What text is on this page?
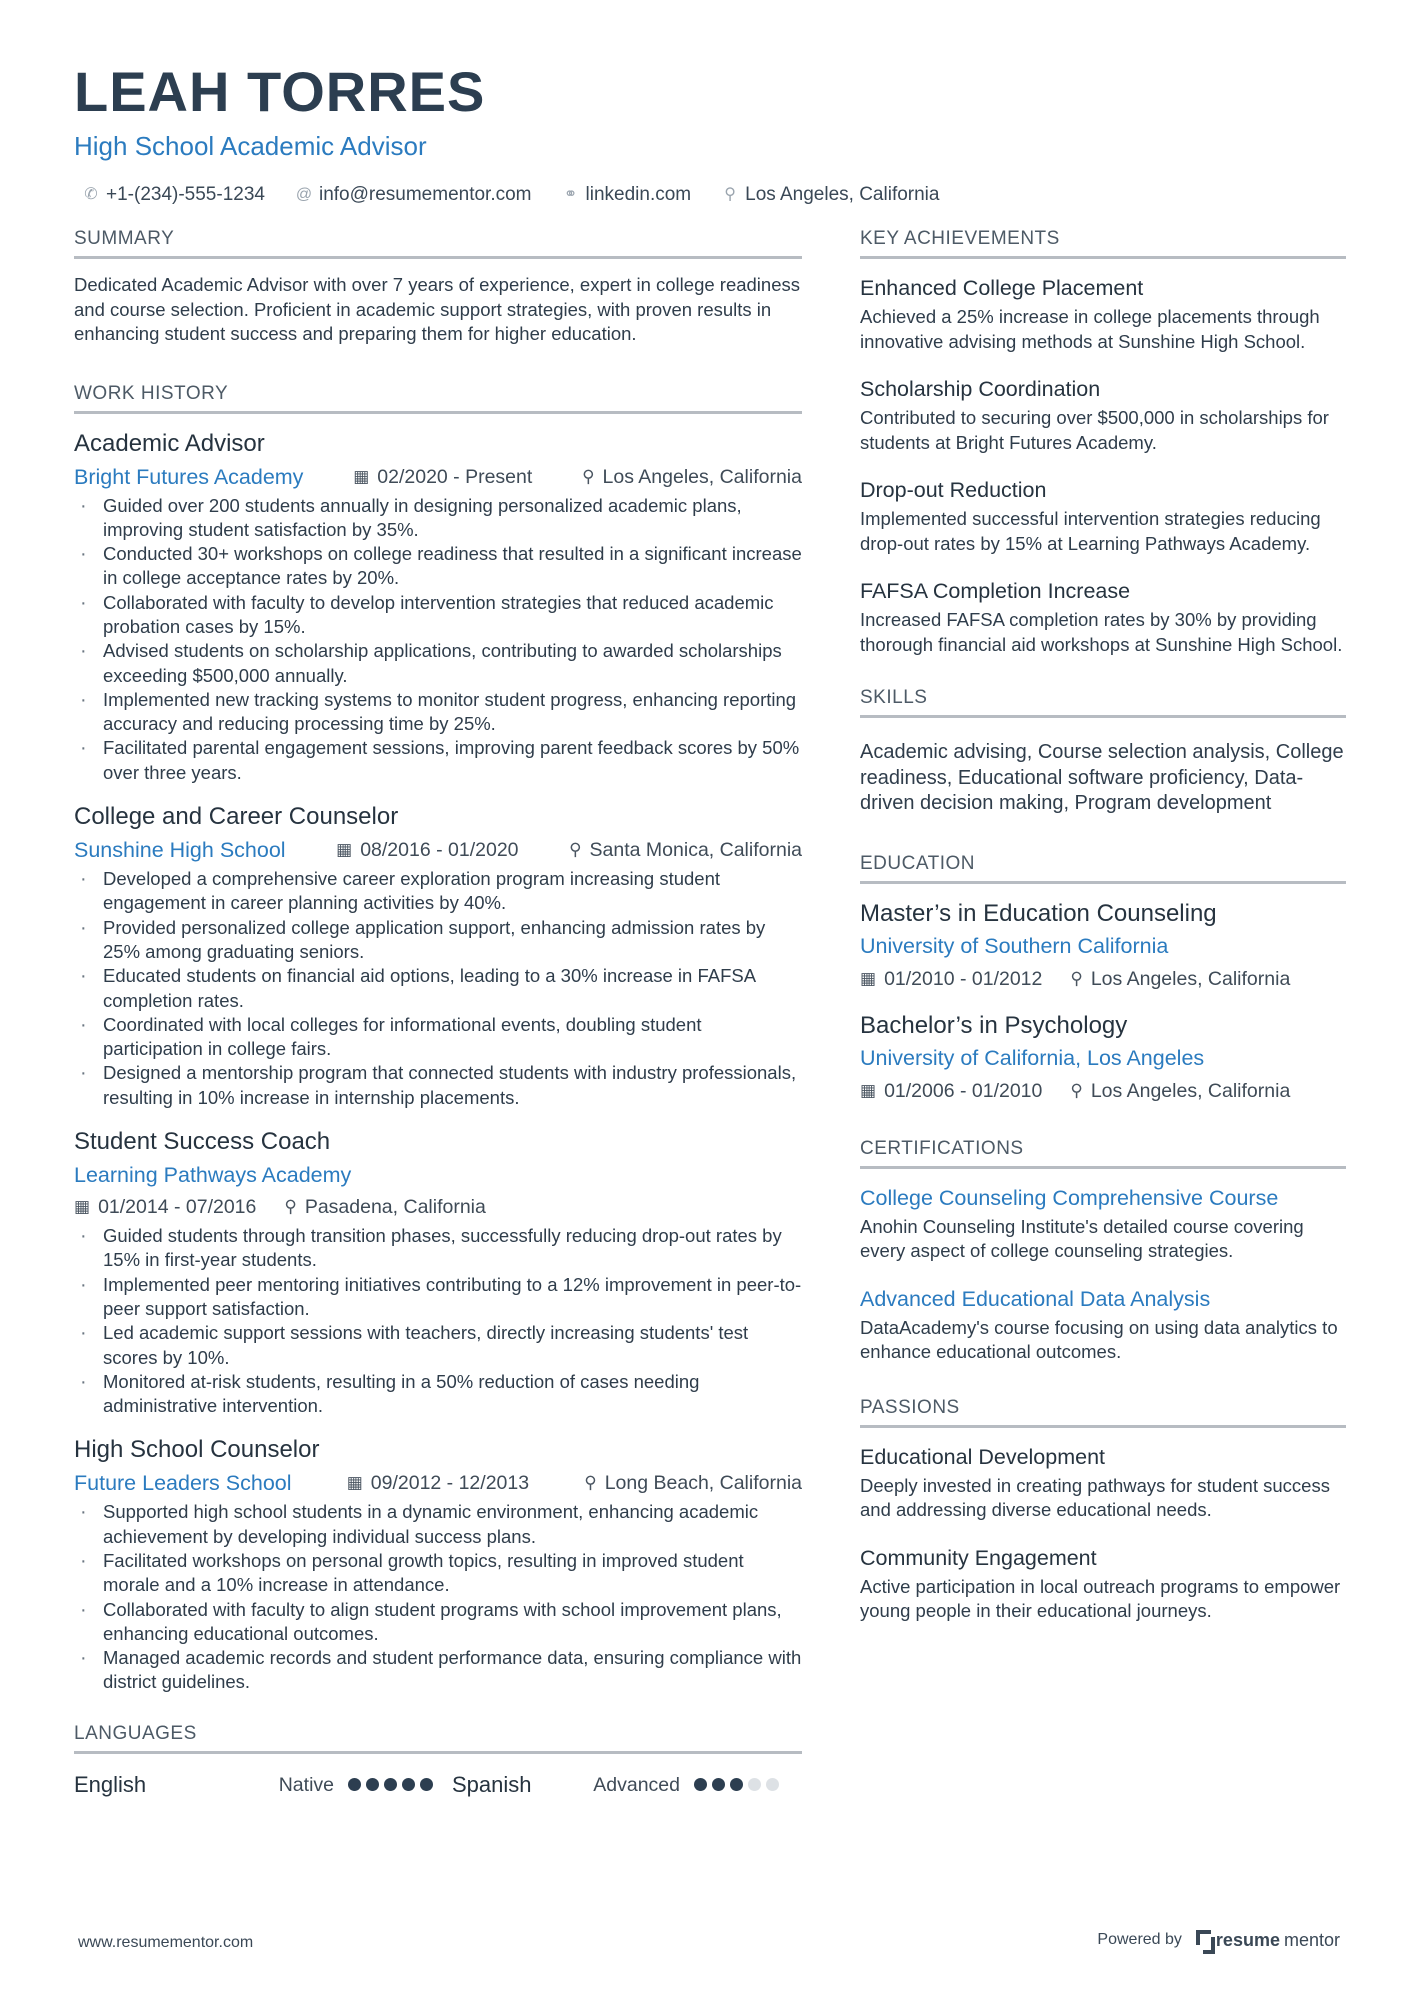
LEAH TORRES
High School Academic Advisor
✆ +1-(234)-555-1234 @ info@resumementor.com ⚭ linkedin.com ⚲ Los Angeles, California
SUMMARY
Dedicated Academic Advisor with over 7 years of experience, expert in college readiness and course selection. Proficient in academic support strategies, with proven results in enhancing student success and preparing them for higher education.
WORK HISTORY
Academic Advisor
Bright Futures Academy	▦ 02/2020 - Present	⚲ Los Angeles, California
· Guided over 200 students annually in designing personalized academic plans, improving student satisfaction by 35%.
· Conducted 30+ workshops on college readiness that resulted in a significant increase in college acceptance rates by 20%.
· Collaborated with faculty to develop intervention strategies that reduced academic probation cases by 15%.
· Advised students on scholarship applications, contributing to awarded scholarships exceeding $500,000 annually.
· Implemented new tracking systems to monitor student progress, enhancing reporting accuracy and reducing processing time by 25%.
· Facilitated parental engagement sessions, improving parent feedback scores by 50% over three years.
College and Career Counselor
Sunshine High School	▦ 08/2016 - 01/2020	⚲ Santa Monica, California
· Developed a comprehensive career exploration program increasing student engagement in career planning activities by 40%.
· Provided personalized college application support, enhancing admission rates by 25% among graduating seniors.
· Educated students on financial aid options, leading to a 30% increase in FAFSA completion rates.
· Coordinated with local colleges for informational events, doubling student participation in college fairs.
· Designed a mentorship program that connected students with industry professionals, resulting in 10% increase in internship placements.
Student Success Coach
Learning Pathways Academy
▦ 01/2014 - 07/2016 ⚲ Pasadena, California
· Guided students through transition phases, successfully reducing drop-out rates by 15% in first-year students.
· Implemented peer mentoring initiatives contributing to a 12% improvement in peer-to-peer support satisfaction.
· Led academic support sessions with teachers, directly increasing students' test scores by 10%.
· Monitored at-risk students, resulting in a 50% reduction of cases needing administrative intervention.
High School Counselor
Future Leaders School	▦ 09/2012 - 12/2013	⚲ Long Beach, California
· Supported high school students in a dynamic environment, enhancing academic achievement by developing individual success plans.
· Facilitated workshops on personal growth topics, resulting in improved student morale and a 10% increase in attendance.
· Collaborated with faculty to align student programs with school improvement plans, enhancing educational outcomes.
· Managed academic records and student performance data, ensuring compliance with district guidelines.
LANGUAGES
English	Native	Spanish	Advanced
KEY ACHIEVEMENTS
Enhanced College Placement
Achieved a 25% increase in college placements through innovative advising methods at Sunshine High School.
Scholarship Coordination
Contributed to securing over $500,000 in scholarships for students at Bright Futures Academy.
Drop-out Reduction
Implemented successful intervention strategies reducing drop-out rates by 15% at Learning Pathways Academy.
FAFSA Completion Increase
Increased FAFSA completion rates by 30% by providing thorough financial aid workshops at Sunshine High School.
SKILLS
Academic advising, Course selection analysis, College readiness, Educational software proficiency, Data-driven decision making, Program development
EDUCATION
Master’s in Education Counseling
University of Southern California
▦ 01/2010 - 01/2012 ⚲ Los Angeles, California
Bachelor’s in Psychology
University of California, Los Angeles
▦ 01/2006 - 01/2010 ⚲ Los Angeles, California
CERTIFICATIONS
College Counseling Comprehensive Course
Anohin Counseling Institute's detailed course covering every aspect of college counseling strategies.
Advanced Educational Data Analysis
DataAcademy's course focusing on using data analytics to enhance educational outcomes.
PASSIONS
Educational Development
Deeply invested in creating pathways for student success and addressing diverse educational needs.
Community Engagement
Active participation in local outreach programs to empower young people in their educational journeys.
www.resumementor.com	Powered by resume mentor
